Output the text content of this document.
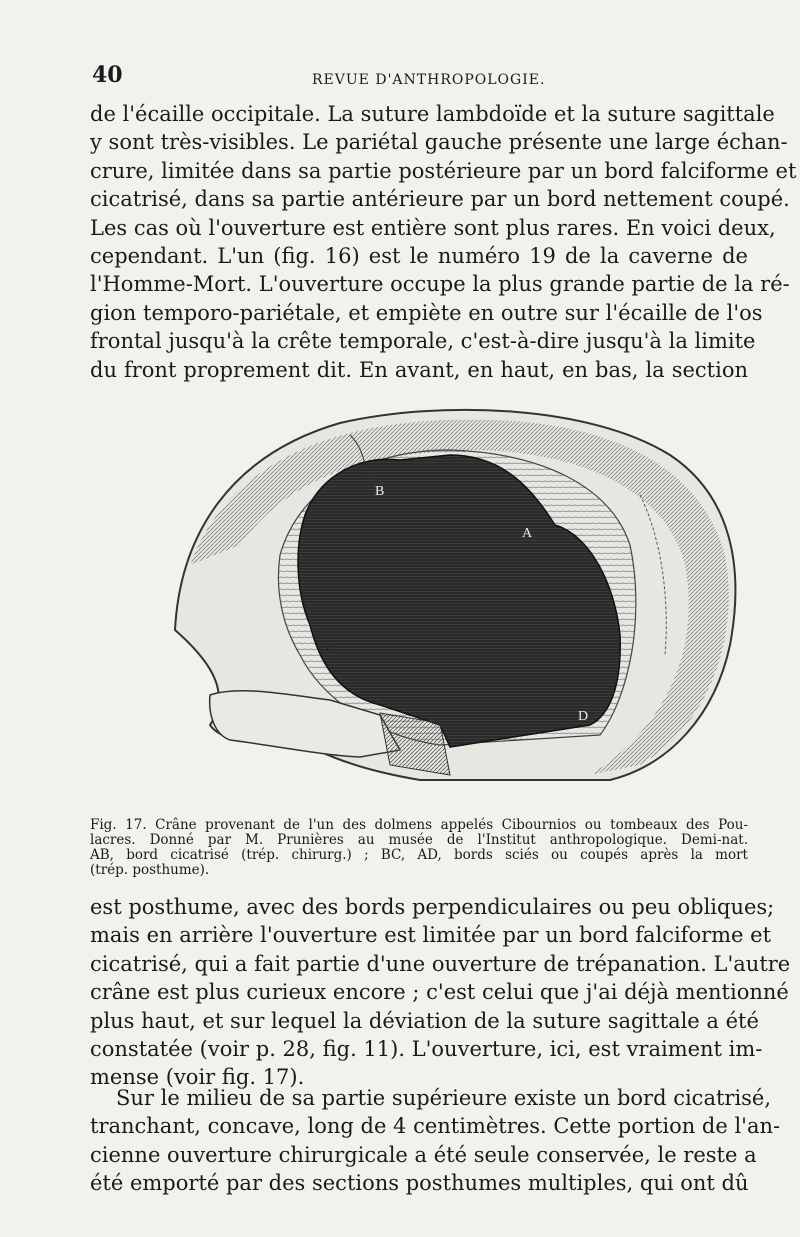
40	REVUE D'ANTHROPOLOGIE.
de l'écaille occipitale. La suture lambdoïde et la suture sagittale
y sont très-visibles. Le pariétal gauche présente une large échan-
crure, limitée dans sa partie postérieure par un bord falciforme et
cicatrisé, dans sa partie antérieure par un bord nettement coupé.
Les cas où l'ouverture est entière sont plus rares. En voici deux,
cependant. L'un (fig. 16) est le numéro 19 de la caverne de
l'Homme-Mort. L'ouverture occupe la plus grande partie de la ré-
gion temporo-pariétale, et empiète en outre sur l'écaille de l'os
frontal jusqu'à la crête temporale, c'est-à-dire jusqu'à la limite
du front proprement dit. En avant, en haut, en bas, la section
B
A
C
D
Fig. 17. Crâne provenant de l'un des dolmens appelés Cibournios ou tombeaux des Pou-
lacres. Donné par M. Prunières au musée de l'Institut anthropologique. Demi-nat.
AB, bord cicatrisé (trép. chirurg.) ; BC, AD, bords sciés ou coupés après la mort
(trép. posthume).
est posthume, avec des bords perpendiculaires ou peu obliques;
mais en arrière l'ouverture est limitée par un bord falciforme et
cicatrisé, qui a fait partie d'une ouverture de trépanation. L'autre
crâne est plus curieux encore ; c'est celui que j'ai déjà mentionné
plus haut, et sur lequel la déviation de la suture sagittale a été
constatée (voir p. 28, fig. 11). L'ouverture, ici, est vraiment im-
mense (voir fig. 17).
Sur le milieu de sa partie supérieure existe un bord cicatrisé,
tranchant, concave, long de 4 centimètres. Cette portion de l'an-
cienne ouverture chirurgicale a été seule conservée, le reste a
été emporté par des sections posthumes multiples, qui ont dû
